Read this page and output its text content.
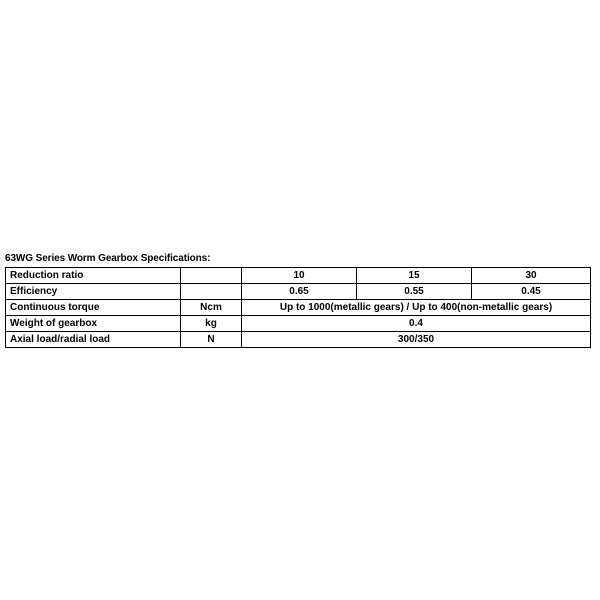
63WG Series Worm Gearbox Specifications:
Reduction ratio		10	15	30
Efficiency		0.65	0.55	0.45
Continuous torque	Ncm	Up to 1000(metallic gears) / Up to 400(non-metallic gears)		
Weight of gearbox	kg	0.4		
Axial load/radial load	N	300/350		
